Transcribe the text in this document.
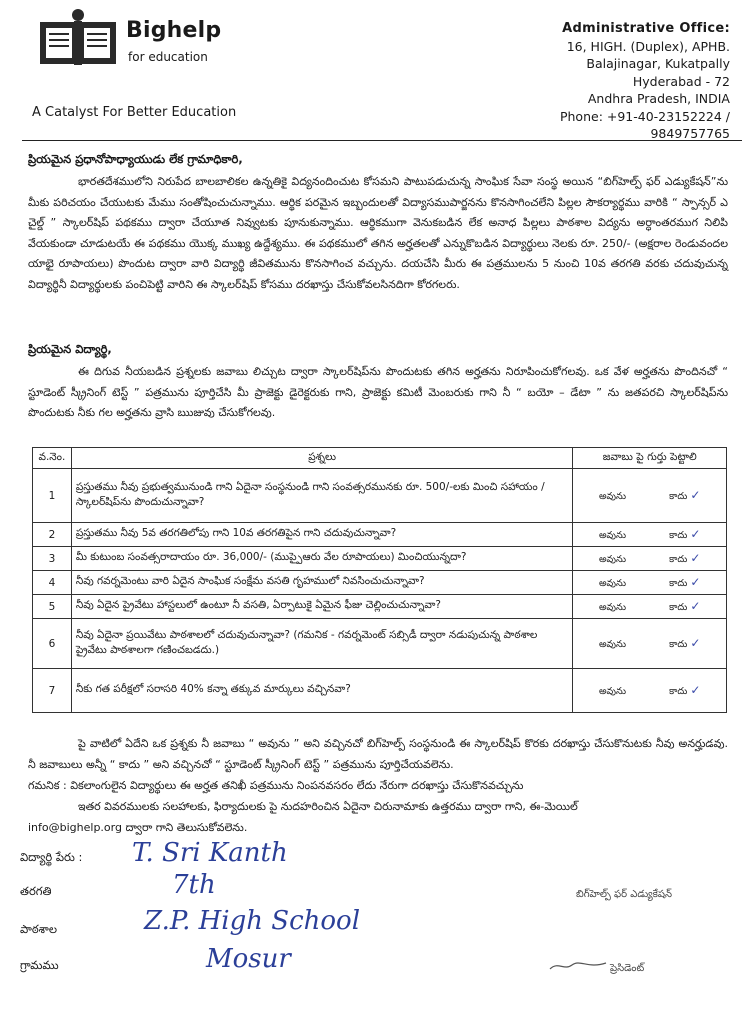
Bighelp
for education
A Catalyst For Better Education
Administrative Office:
16, HIGH. (Duplex), APHB.
Balajinagar, Kukatpally
Hyderabad - 72
Andhra Pradesh, INDIA
Phone: +91-40-23152224 / 9849757765
ప్రియమైన ప్రధానోపాధ్యాయుడు లేక గ్రామాధికారి,
భారతదేశములోని నిరుపేద బాలబాలికల ఉన్నతికై విద్యనందించుట కోసమని పాటుపడుచున్న సాంఘిక సేవా సంస్థ అయిన “బిగ్‌హెల్ప్ ఫర్ ఎడ్యుకేషన్”ను మీకు పరిచయం చేయుటకు మేము సంతోషించుచున్నాము. ఆర్థిక పరమైన ఇబ్బందులతో విద్యాసముపార్జనను కొనసాగించలేని పిల్లల సౌకర్యార్థము వారికి “ స్పాన్సర్ ఎ చైల్డ్ ” స్కాలర్‌షిప్ పథకము ద్వారా చేయూత నివ్వుటకు పూనుకున్నాము. ఆర్థికముగా వెనుకబడిన లేక అనాధ పిల్లలు పాఠశాల విద్యను అర్ధాంతరముగ నిలిపి వేయకుండా చూడుటయే ఈ పథకము యొక్క ముఖ్య ఉద్దేశ్యము. ఈ పథకములో తగిన అర్హతలతో ఎన్నుకొబడిన విద్యార్థులు నెలకు రూ. 250/- (అక్షరాల రెండువందల యాభై రూపాయలు) పొందుట ద్వారా వారి విద్యార్థి జీవితమును కొనసాగించ వచ్చును. దయచేసి మీరు ఈ పత్రములను 5 నుంచి 10వ తరగతి వరకు చదువుచున్న విద్యార్థినీ విద్యార్థులకు పంచిపెట్టి వారిని ఈ స్కాలర్‌షిప్ కోసము దరఖాస్తు చేసుకోవలసినదిగా కోరగలరు.
ప్రియమైన విద్యార్థి,
ఈ దిగువ నీయబడిన ప్రశ్నలకు జవాబు లిచ్చుట ద్వారా స్కాలర్‌షిప్‌ను పొందుటకు తగిన అర్హతను నిరూపించుకోగలవు. ఒక వేళ అర్హతను పొందినచో “ స్టూడెంట్ స్క్రీనింగ్ టెస్ట్ ” పత్రమును పూర్తిచేసి మీ ప్రాజెక్టు డైరెక్టరుకు గాని, ప్రాజెక్టు కమిటీ మెంబరుకు గాని నీ “ బయో – డేటా ” ను జతపరచి స్కాలర్‌షిప్‌ను పొందుటకు నీకు గల అర్హతను వ్రాసి ఋజువు చేసుకోగలవు.
వ.నెం.	ప్రశ్నలు	జవాబు పై గుర్తు పెట్టాలి
1	ప్రస్తుతము నీవు ప్రభుత్వమునుండి గాని ఏదైనా సంస్థనుండి గాని సంవత్సరమునకు రూ. 500/-లకు మించి సహాయం / స్కాలర్‌షిప్‌ను పొందుచున్నావా?	అవును కాదు ✓

2	ప్రస్తుతము నీవు 5వ తరగతిలోపు గాని 10వ తరగతిపైన గాని చదువుచున్నావా?	అవును కాదు ✓

3	మీ కుటుంబ సంవత్సరాదాయం రూ. 36,000/- (ముప్పైఆరు వేల రూపాయలు) మించియున్నదా?	అవును కాదు ✓

4	నీవు గవర్నమెంటు వారి ఏదైన సాంఘిక సంక్షేమ వసతి గృహములో నివసించుచున్నావా?	అవును కాదు ✓

5	నీవు ఏదైన ప్రైవేటు హాస్టలులో ఉంటూ నీ వసతి, ఏర్పాటుకై ఏమైన ఫీజు చెల్లించుచున్నావా?	అవును కాదు ✓

6	నీవు ఏదైనా ప్రయివేటు పాఠశాలలో చదువుచున్నావా? (గమనిక - గవర్నమెంట్ సబ్సిడీ ద్వారా నడుపుచున్న పాఠశాల ప్రైవేటు పాఠశాలగా గణించబడదు.)	అవును కాదు ✓

7	నీకు గత పరీక్షలో సరాసరి 40% కన్నా తక్కువ మార్కులు వచ్చినవా?	అవును కాదు ✓
పై వాటిలో ఏదేని ఒక ప్రశ్నకు నీ జవాబు “ అవును ” అని వచ్చినచో బిగ్‌హెల్ప్ సంస్థనుండి ఈ స్కాలర్‌షిప్ కొరకు దరఖాస్తు చేసుకొనుటకు నీవు అనర్హుడవు. నీ జవాబులు అన్నీ “ కాదు ” అని వచ్చినచో “ స్టూడెంట్ స్క్రీనింగ్ టెస్ట్ ” పత్రమును పూర్తిచేయవలెను.
గమనిక : వికలాంగులైన విద్యార్థులు ఈ అర్హత తనిఖీ పత్రమును నింపనవసరం లేదు నేరుగా దరఖాస్తు చేసుకొనవచ్చును
ఇతర వివరములకు సలహాలకు, ఫిర్యాదులకు పై నుదహరించిన ఏదైనా చిరునామాకు ఉత్తరము ద్వారా గాని, ఈ-మెయిల్
info@bighelp.org ద్వారా గాని తెలుసుకోవలెను.
విద్యార్థి పేరు : T. Sri Kanth
తరగతి	7th
పాఠశాల	Z.P. High School
గ్రామము	Mosur
బిగ్‌హెల్ప్ ఫర్ ఎడ్యుకేషన్
ప్రెసిడెంట్
